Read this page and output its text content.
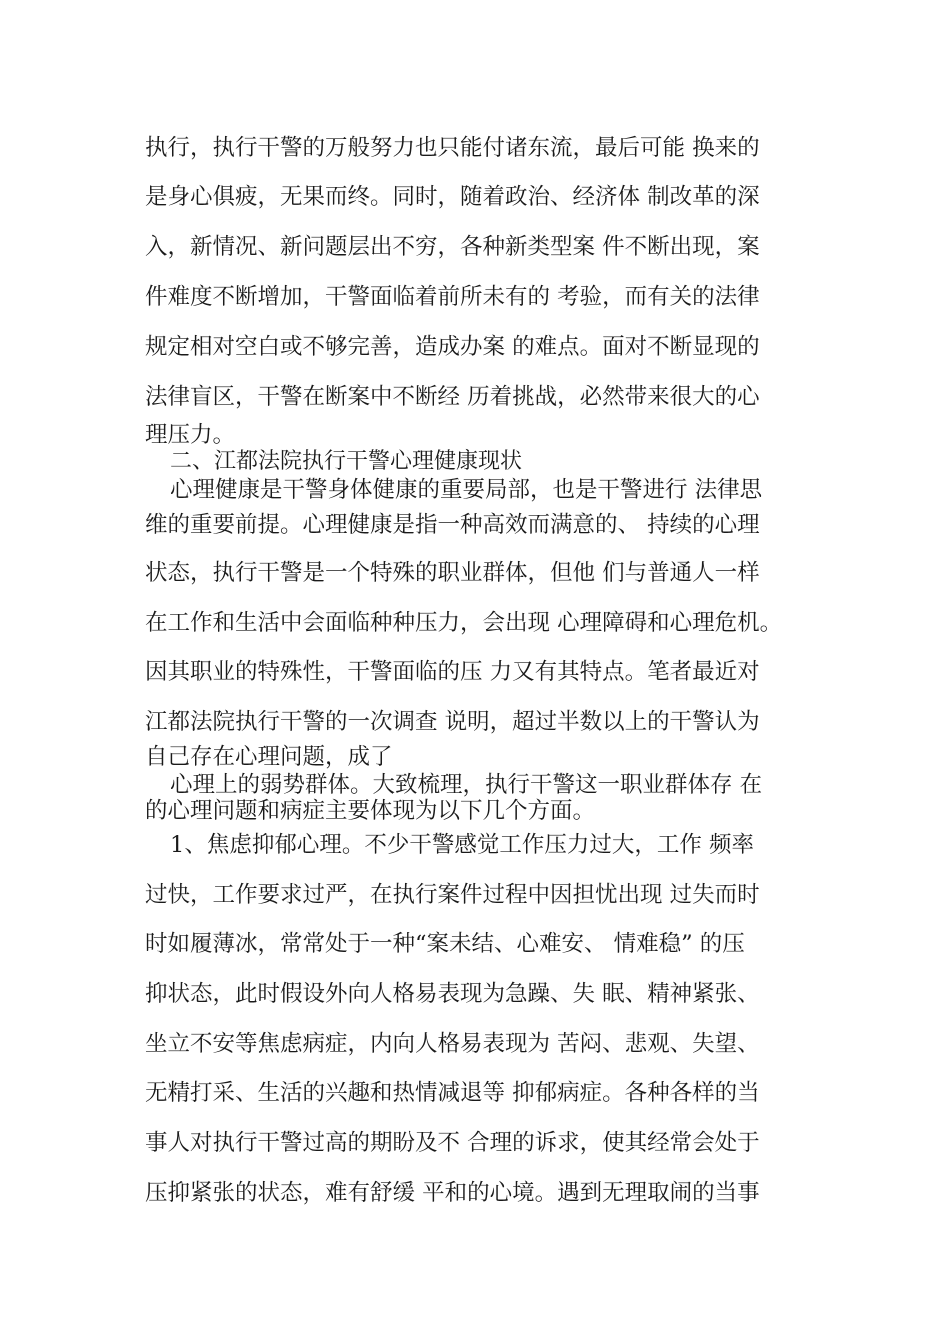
执行，执行干警的万般努力也只能付诸东流，最后可能 换来的
是身心俱疲，无果而终。同时，随着政治、经济体 制改革的深
入，新情况、新问题层出不穷，各种新类型案 件不断出现，案
件难度不断增加，干警面临着前所未有的 考验，而有关的法律
规定相对空白或不够完善，造成办案 的难点。面对不断显现的
法律盲区，干警在断案中不断经 历着挑战，必然带来很大的心
理压力。
二、江都法院执行干警心理健康现状
心理健康是干警身体健康的重要局部，也是干警进行 法律思
维的重要前提。心理健康是指一种高效而满意的、 持续的心理
状态，执行干警是一个特殊的职业群体，但他 们与普通人一样
在工作和生活中会面临种种压力，会出现 心理障碍和心理危机。
因其职业的特殊性，干警面临的压 力又有其特点。笔者最近对
江都法院执行干警的一次调查 说明，超过半数以上的干警认为
自己存在心理问题，成了
心理上的弱势群体。大致梳理，执行干警这一职业群体存 在
的心理问题和病症主要体现为以下几个方面。
1、焦虑抑郁心理。不少干警感觉工作压力过大，工作 频率
过快，工作要求过严，在执行案件过程中因担忧出现 过失而时
时如履薄冰，常常处于一种“案未结、心难安、 情难稳” 的压
抑状态，此时假设外向人格易表现为急躁、失 眠、精神紧张、
坐立不安等焦虑病症，内向人格易表现为 苦闷、悲观、失望、
无精打采、生活的兴趣和热情减退等 抑郁病症。各种各样的当
事人对执行干警过高的期盼及不 合理的诉求，使其经常会处于
压抑紧张的状态，难有舒缓 平和的心境。遇到无理取闹的当事
